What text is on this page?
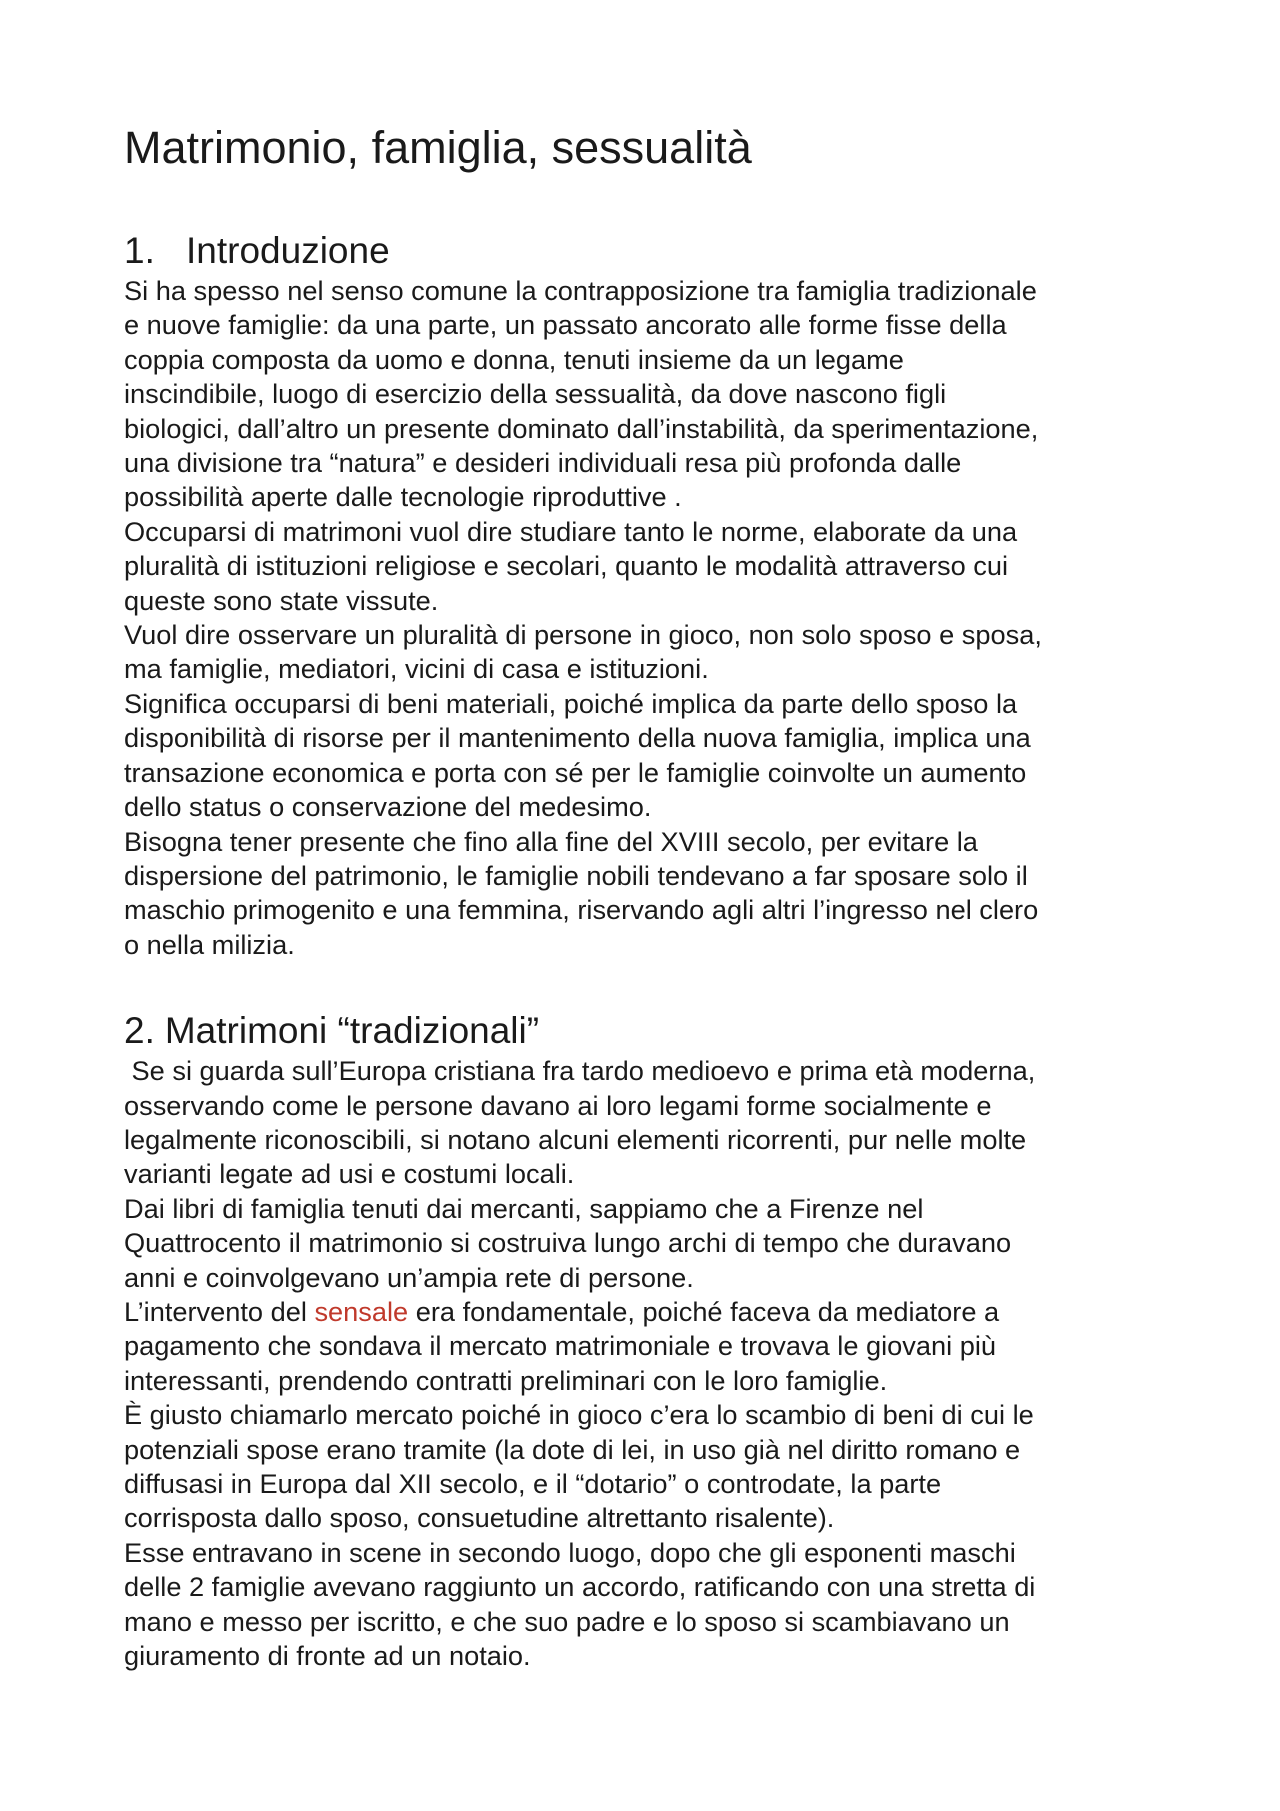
Matrimonio, famiglia, sessualità
1. Introduzione

Si ha spesso nel senso comune la contrapposizione tra famiglia tradizionale
e nuove famiglie: da una parte, un passato ancorato alle forme fisse della
coppia composta da uomo e donna, tenuti insieme da un legame
inscindibile, luogo di esercizio della sessualità, da dove nascono figli
biologici, dall’altro un presente dominato dall’instabilità, da sperimentazione,
una divisione tra “natura” e desideri individuali resa più profonda dalle
possibilità aperte dalle tecnologie riproduttive .

Occuparsi di matrimoni vuol dire studiare tanto le norme, elaborate da una
pluralità di istituzioni religiose e secolari, quanto le modalità attraverso cui
queste sono state vissute.

Vuol dire osservare un pluralità di persone in gioco, non solo sposo e sposa,
ma famiglie, mediatori, vicini di casa e istituzioni.

Significa occuparsi di beni materiali, poiché implica da parte dello sposo la
disponibilità di risorse per il mantenimento della nuova famiglia, implica una
transazione economica e porta con sé per le famiglie coinvolte un aumento
dello status o conservazione del medesimo.

Bisogna tener presente che fino alla fine del XVIII secolo, per evitare la
dispersione del patrimonio, le famiglie nobili tendevano a far sposare solo il
maschio primogenito e una femmina, riservando agli altri l’ingresso nel clero
o nella milizia.

2. Matrimoni “tradizionali”

Se si guarda sull’Europa cristiana fra tardo medioevo e prima età moderna,
osservando come le persone davano ai loro legami forme socialmente e
legalmente riconoscibili, si notano alcuni elementi ricorrenti, pur nelle molte
varianti legate ad usi e costumi locali.

Dai libri di famiglia tenuti dai mercanti, sappiamo che a Firenze nel
Quattrocento il matrimonio si costruiva lungo archi di tempo che duravano
anni e coinvolgevano un’ampia rete di persone.

L’intervento del sensale era fondamentale, poiché faceva da mediatore a
pagamento che sondava il mercato matrimoniale e trovava le giovani più
interessanti, prendendo contratti preliminari con le loro famiglie.

È giusto chiamarlo mercato poiché in gioco c’era lo scambio di beni di cui le
potenziali spose erano tramite (la dote di lei, in uso già nel diritto romano e
diffusasi in Europa dal XII secolo, e il “dotario” o controdate, la parte
corrisposta dallo sposo, consuetudine altrettanto risalente).

Esse entravano in scene in secondo luogo, dopo che gli esponenti maschi
delle 2 famiglie avevano raggiunto un accordo, ratificando con una stretta di
mano e messo per iscritto, e che suo padre e lo sposo si scambiavano un
giuramento di fronte ad un notaio.
